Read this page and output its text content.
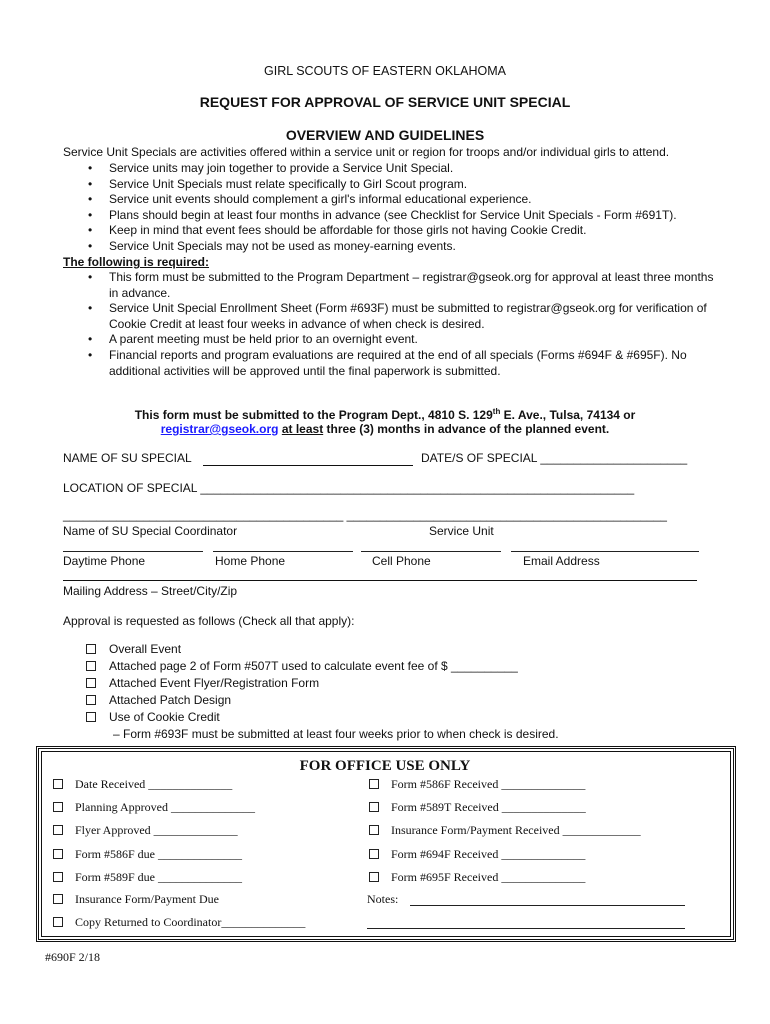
GIRL SCOUTS OF EASTERN OKLAHOMA
REQUEST FOR APPROVAL OF SERVICE UNIT SPECIAL
OVERVIEW AND GUIDELINES
Service Unit Specials are activities offered within a service unit or region for troops and/or individual girls to attend.
• Service units may join together to provide a Service Unit Special.
• Service Unit Specials must relate specifically to Girl Scout program.
• Service unit events should complement a girl's informal educational experience.
• Plans should begin at least four months in advance (see Checklist for Service Unit Specials - Form #691T).
• Keep in mind that event fees should be affordable for those girls not having Cookie Credit.
• Service Unit Specials may not be used as money-earning events.
The following is required:
• This form must be submitted to the Program Department – registrar@gseok.org for approval at least three months in advance.
• Service Unit Special Enrollment Sheet (Form #693F) must be submitted to registrar@gseok.org for verification of Cookie Credit at least four weeks in advance of when check is desired.
• A parent meeting must be held prior to an overnight event.
• Financial reports and program evaluations are required at the end of all specials (Forms #694F & #695F). No additional activities will be approved until the final paperwork is submitted.
This form must be submitted to the Program Dept., 4810 S. 129th E. Ave., Tulsa, 74134 or
registrar@gseok.org at least three (3) months in advance of the planned event.
NAME OF SU SPECIAL	DATE/S OF SPECIAL ______________________
LOCATION OF SPECIAL _________________________________________________________________
__________________________________________ ________________________________________________
Name of SU Special Coordinator	Service Unit
Daytime Phone	Home Phone	Cell Phone	Email Address
Mailing Address – Street/City/Zip
Approval is requested as follows (Check all that apply):
Overall Event
Attached page 2 of Form #507T used to calculate event fee of $ __________
Attached Event Flyer/Registration Form
Attached Patch Design
Use of Cookie Credit
– Form #693F must be submitted at least four weeks prior to when check is desired.
FOR OFFICE USE ONLY
Date Received ______________
Planning Approved ______________
Flyer Approved ______________
Form #586F due ______________
Form #589F due ______________
Insurance Form/Payment Due
Copy Returned to Coordinator______________
Form #586F Received ______________
Form #589T Received ______________
Insurance Form/Payment Received _____________
Form #694F Received ______________
Form #695F Received ______________
Notes:
#690F 2/18
